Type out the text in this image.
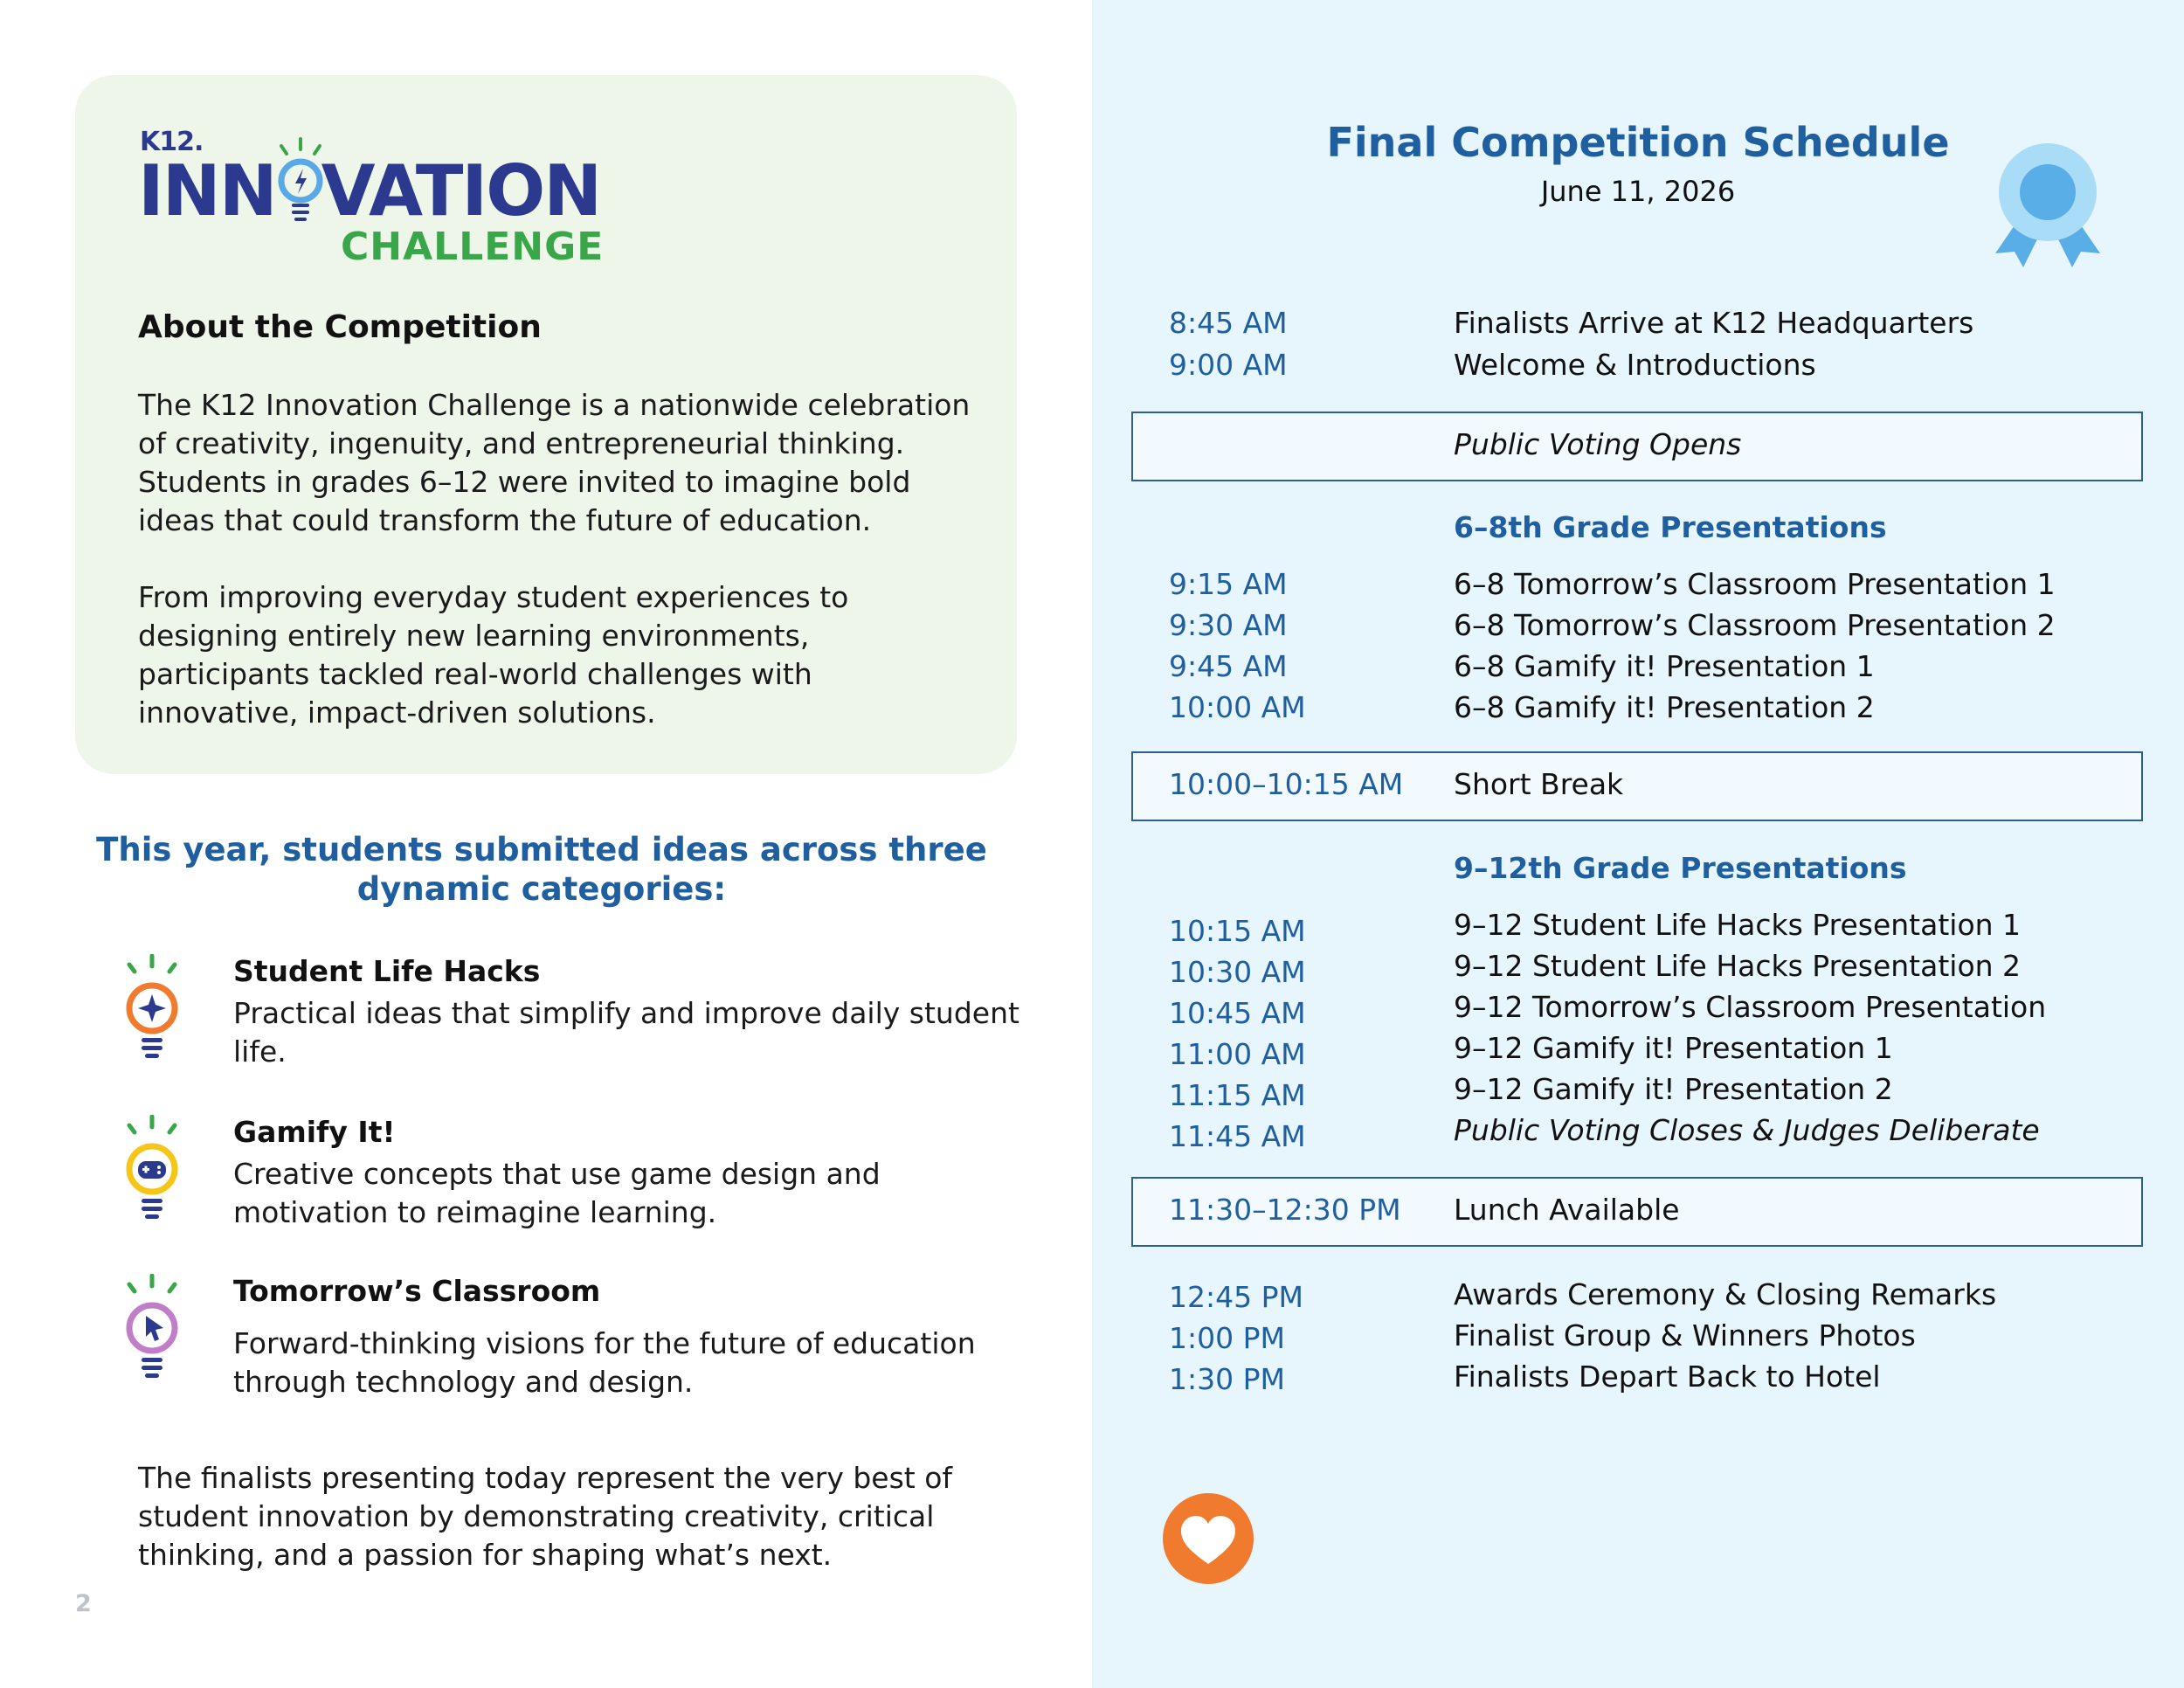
K12.
INN VATION
CHALLENGE
About the Competition
The K12 Innovation Challenge is a nationwide celebration of creativity, ingenuity, and entrepreneurial thinking. Students in grades 6–12 were invited to imagine bold ideas that could transform the future of education.
From improving everyday student experiences to designing entirely new learning environments, participants tackled real-world challenges with innovative, impact-driven solutions.
This year, students submitted ideas across three dynamic categories:
Student Life Hacks
Practical ideas that simplify and improve daily student life.
Gamify It!
Creative concepts that use game design and motivation to reimagine learning.
Tomorrow’s Classroom
Forward-thinking visions for the future of education through technology and design.
The finalists presenting today represent the very best of student innovation by demonstrating creativity, critical thinking, and a passion for shaping what’s next.
2
Final Competition Schedule
June 11, 2026
8:45 AM	Finalists Arrive at K12 Headquarters
9:00 AM	Welcome & Introductions
Public Voting Opens
6–8th Grade Presentations
9:15 AM	6–8 Tomorrow’s Classroom Presentation 1
9:30 AM	6–8 Tomorrow’s Classroom Presentation 2
9:45 AM	6–8 Gamify it! Presentation 1
10:00 AM	6–8 Gamify it! Presentation 2
10:00–10:15 AM Short Break
9–12th Grade Presentations
10:15 AM	9–12 Student Life Hacks Presentation 1
10:30 AM	9–12 Student Life Hacks Presentation 2
10:45 AM	9–12 Tomorrow’s Classroom Presentation
11:00 AM	9–12 Gamify it! Presentation 1
11:15 AM	9–12 Gamify it! Presentation 2
11:45 AM	Public Voting Closes & Judges Deliberate
11:30–12:30 PM Lunch Available
12:45 PM	Awards Ceremony & Closing Remarks
1:00 PM	Finalist Group & Winners Photos
1:30 PM	Finalists Depart Back to Hotel
